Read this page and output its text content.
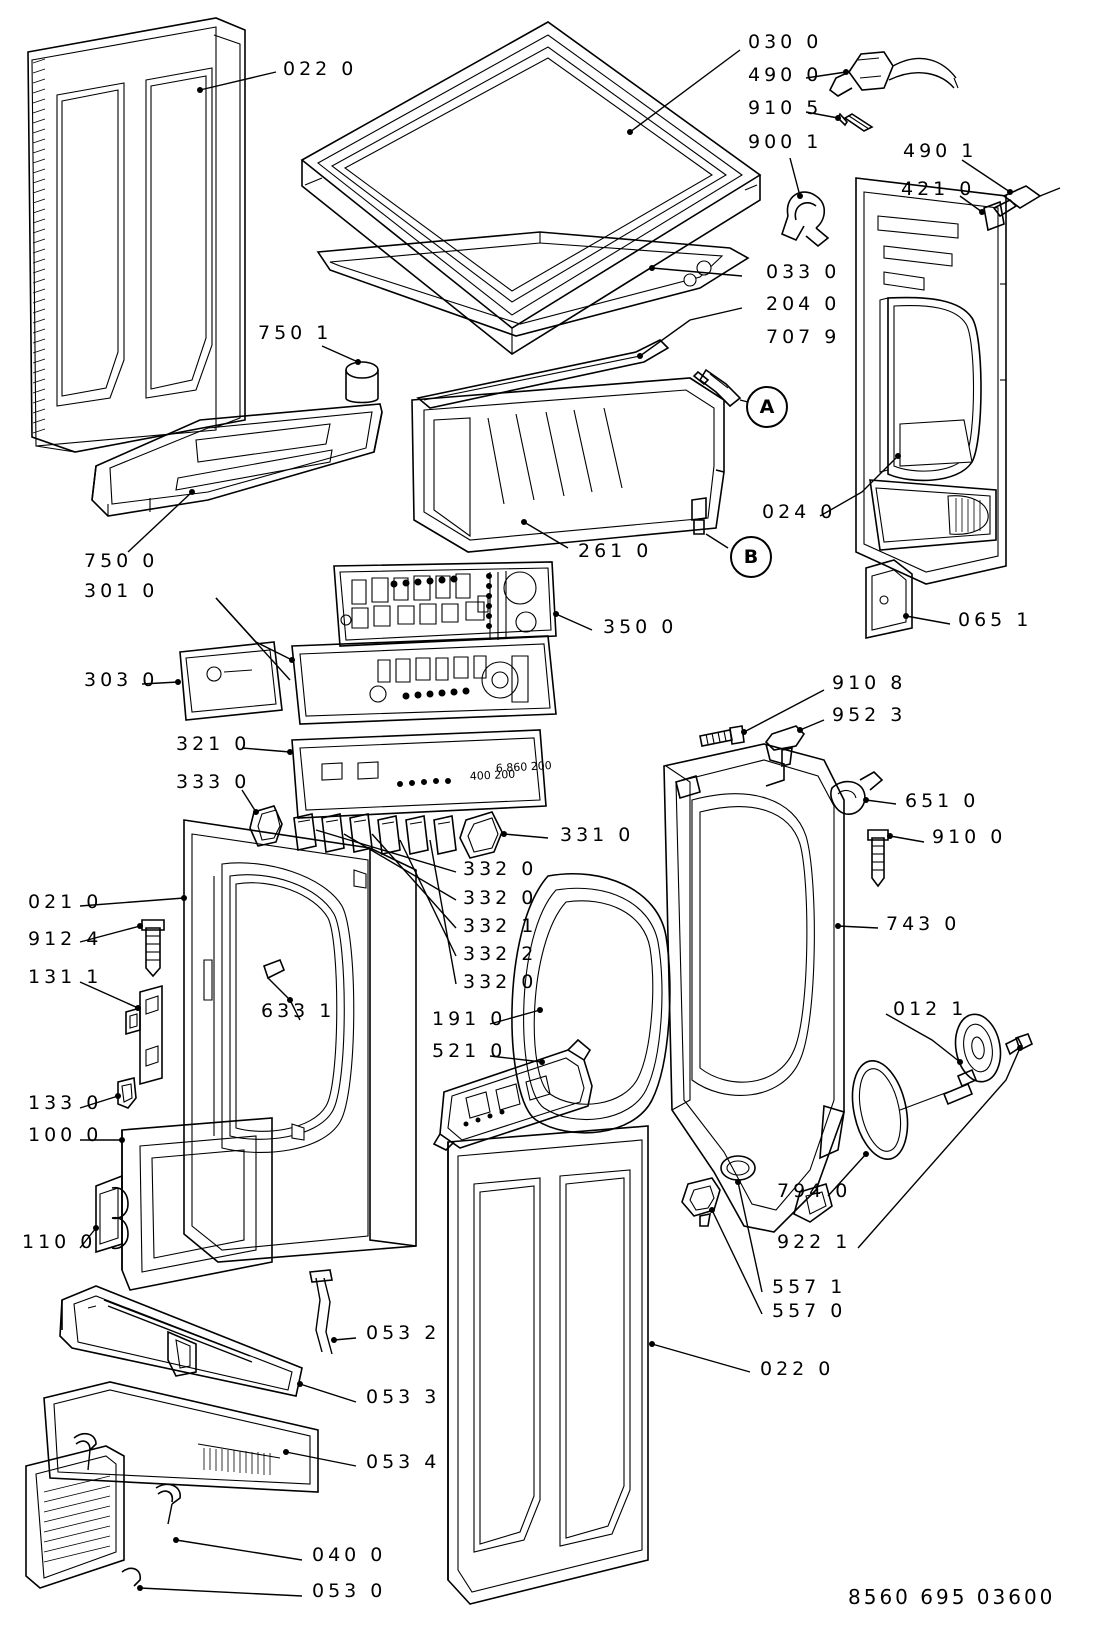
400 200
6 860 200
A
B
022 0
030 0
490 0
910 5
900 1	490 1
421 0
033 0
204 0
707 9
750 1
024 0
065 1
750 0	261 0
301 0
350 0
303 0	910 8
952 3
321 0
333 0
651 0
331 0	910 0
332 0
332 0
332 1
332 2
332 0
021 0
912 4
131 1
633 1
743 0
191 0
521 0
012 1
133 0
100 0
794 0
110 0	922 1
557 1
557 0
053 2
022 0
053 3
053 4
040 0
053 0	8560 695 03600
